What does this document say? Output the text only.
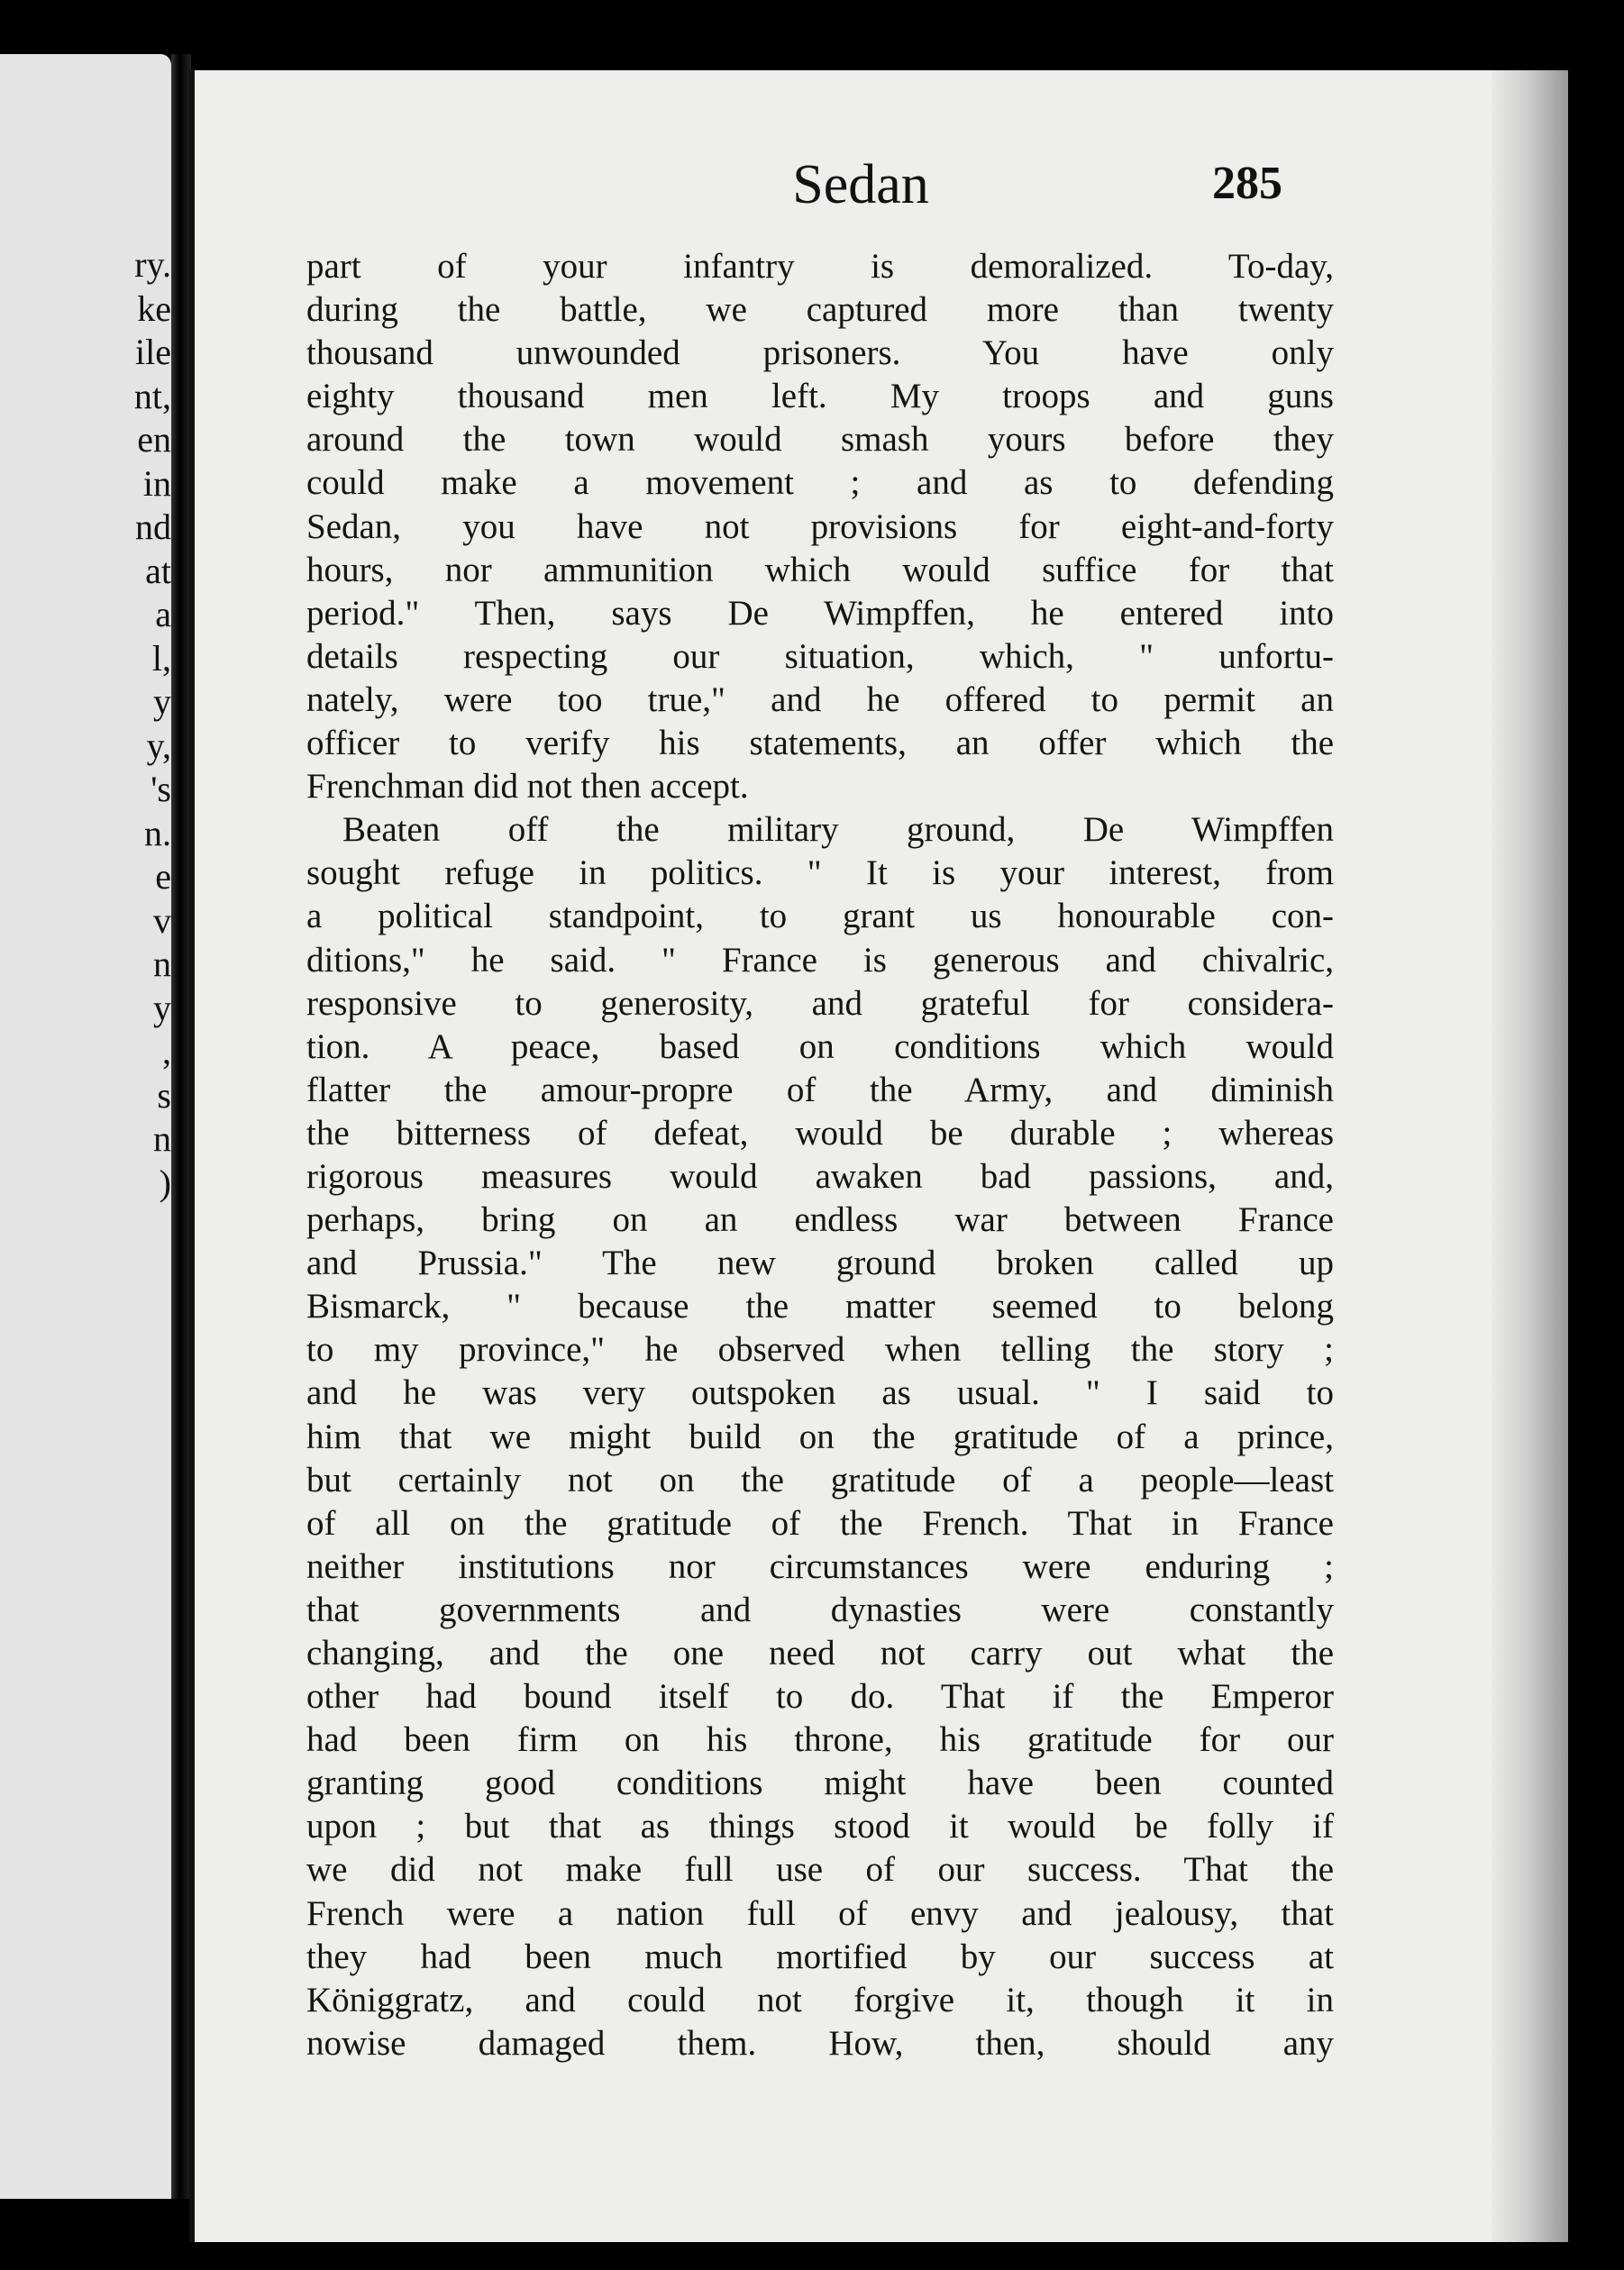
ry.
ke
ile
nt,
en
in
nd
at
a
l,
y
y,
's
n.
e
v
n
y
,
s
n
)
Sedan	285
part of your infantry is demoralized. To-day,
during the battle, we captured more than twenty
thousand unwounded prisoners. You have only
eighty thousand men left. My troops and guns
around the town would smash yours before they
could make a movement ; and as to defending
Sedan, you have not provisions for eight-and-forty
hours, nor ammunition which would suffice for that
period." Then, says De Wimpffen, he entered into
details respecting our situation, which, " unfortu-
nately, were too true," and he offered to permit an
officer to verify his statements, an offer which the
Frenchman did not then accept.
Beaten off the military ground, De Wimpffen
sought refuge in politics. " It is your interest, from
a political standpoint, to grant us honourable con-
ditions," he said. " France is generous and chivalric,
responsive to generosity, and grateful for considera-
tion. A peace, based on conditions which would
flatter the amour-propre of the Army, and diminish
the bitterness of defeat, would be durable ; whereas
rigorous measures would awaken bad passions, and,
perhaps, bring on an endless war between France
and Prussia." The new ground broken called up
Bismarck, " because the matter seemed to belong
to my province," he observed when telling the story ;
and he was very outspoken as usual. " I said to
him that we might build on the gratitude of a prince,
but certainly not on the gratitude of a people—least
of all on the gratitude of the French. That in France
neither institutions nor circumstances were enduring ;
that governments and dynasties were constantly
changing, and the one need not carry out what the
other had bound itself to do. That if the Emperor
had been firm on his throne, his gratitude for our
granting good conditions might have been counted
upon ; but that as things stood it would be folly if
we did not make full use of our success. That the
French were a nation full of envy and jealousy, that
they had been much mortified by our success at
Königgratz, and could not forgive it, though it in
nowise damaged them. How, then, should any
